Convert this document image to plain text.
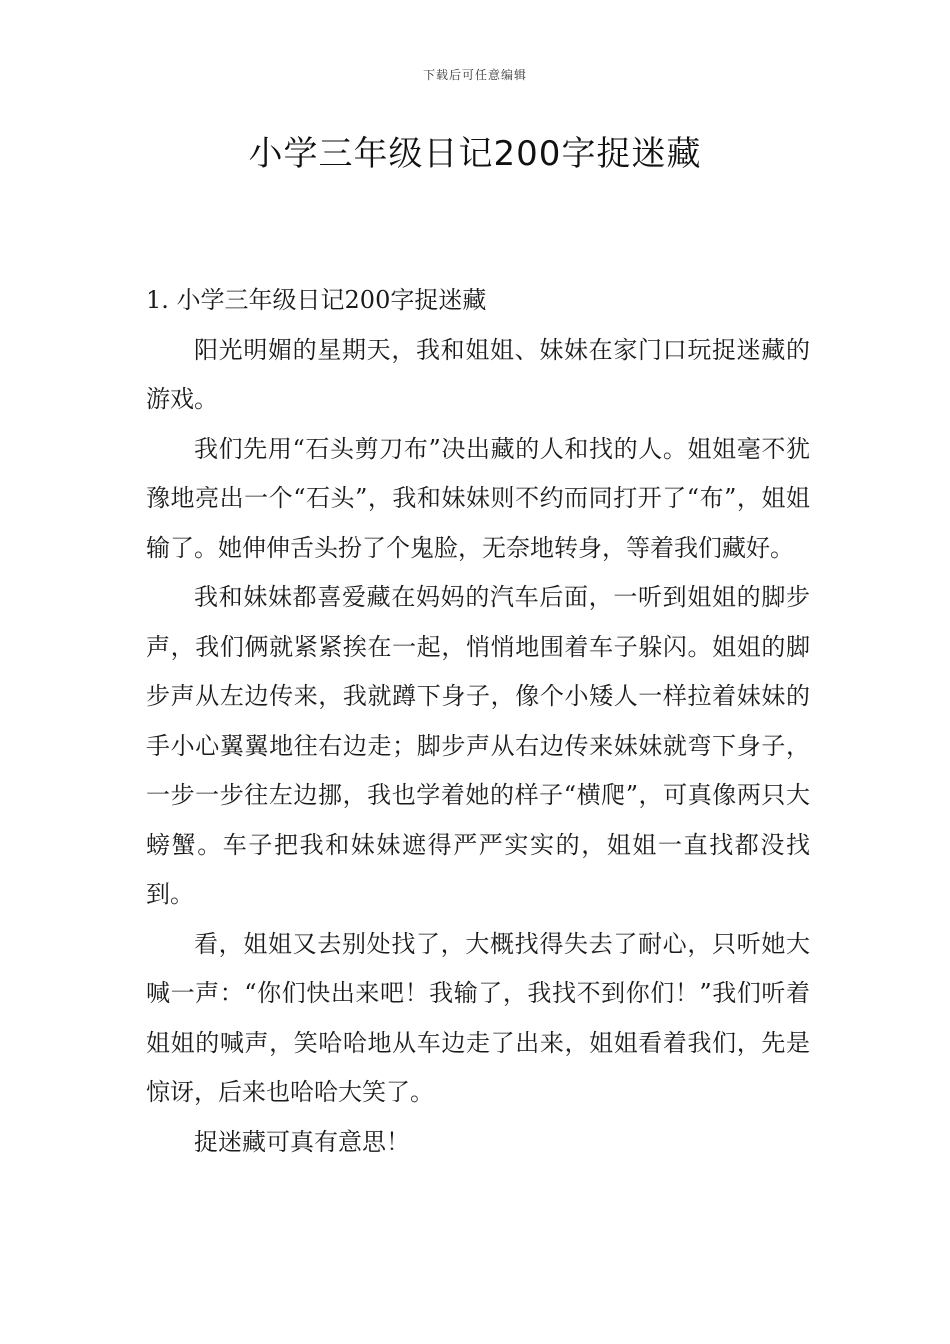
下载后可任意编辑
小学三年级日记200字捉迷藏
1. 小学三年级日记200字捉迷藏

阳光明媚的星期天，我和姐姐、妹妹在家门口玩捉迷藏的游戏。

我们先用“石头剪刀布”决出藏的人和找的人。姐姐毫不犹豫地亮出一个“石头”，我和妹妹则不约而同打开了“布”，姐姐输了。她伸伸舌头扮了个鬼脸，无奈地转身，等着我们藏好。

我和妹妹都喜爱藏在妈妈的汽车后面，一听到姐姐的脚步声，我们俩就紧紧挨在一起，悄悄地围着车子躲闪。姐姐的脚步声从左边传来，我就蹲下身子，像个小矮人一样拉着妹妹的手小心翼翼地往右边走；脚步声从右边传来妹妹就弯下身子，一步一步往左边挪，我也学着她的样子“横爬”，可真像两只大螃蟹。车子把我和妹妹遮得严严实实的，姐姐一直找都没找到。

看，姐姐又去别处找了，大概找得失去了耐心，只听她大喊一声：“你们快出来吧！我输了，我找不到你们！”我们听着姐姐的喊声，笑哈哈地从车边走了出来，姐姐看着我们，先是惊讶，后来也哈哈大笑了。

捉迷藏可真有意思！
